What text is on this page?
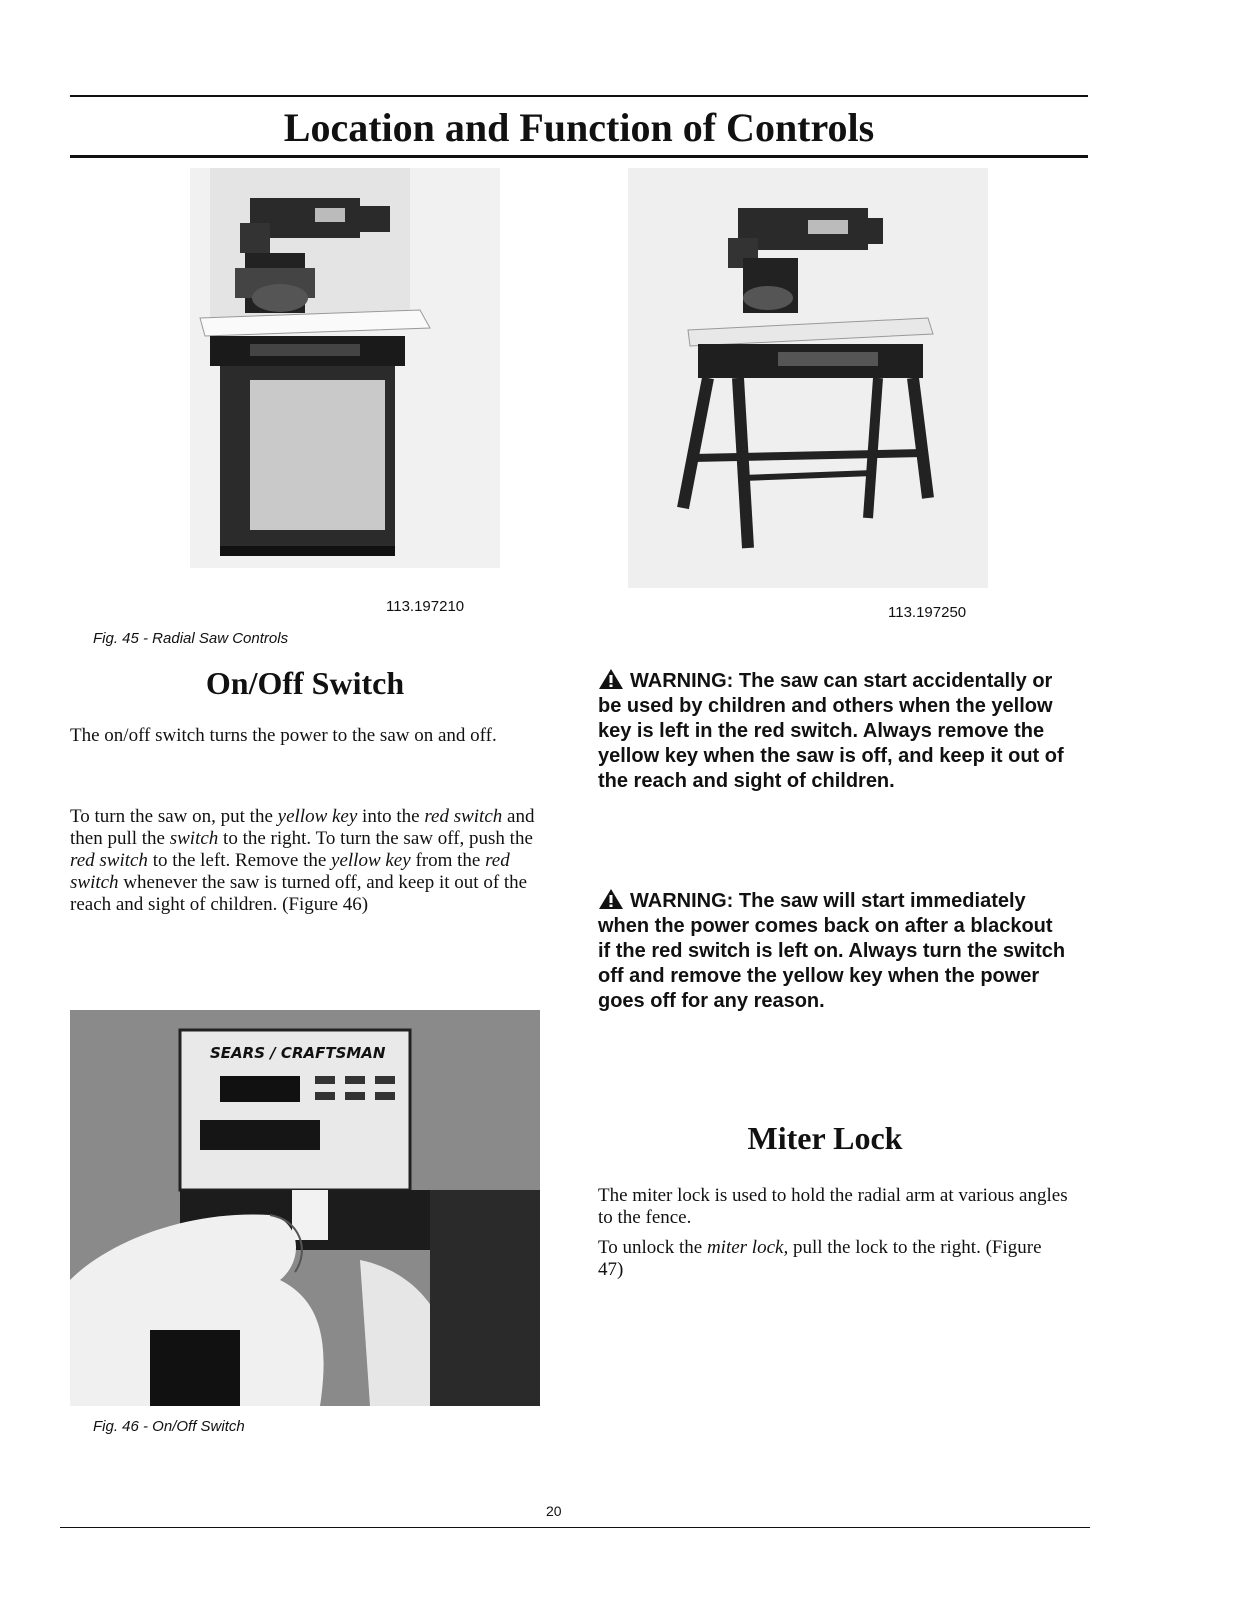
Location and Function of Controls
113.197210	113.197250
Fig. 45 - Radial Saw Controls
On/Off Switch

The on/off switch turns the power to the saw on and off.

To turn the saw on, put the yellow key into the red switch and then pull the switch to the right. To turn the saw off, push the red switch to the left. Remove the yellow key from the red switch whenever the saw is turned off, and keep it out of the reach and sight of children. (Figure 46)

SEARS / CRAFTSMAN
Fig. 46 - On/Off Switch

WARNING: The saw can start accidentally or be used by children and others when the yellow key is left in the red switch. Always remove the yellow key when the saw is off, and keep it out of the reach and sight of children.

WARNING: The saw will start immediately when the power comes back on after a blackout if the red switch is left on. Always turn the switch off and remove the yellow key when the power goes off for any reason.

Miter Lock

The miter lock is used to hold the radial arm at various angles to the fence.

To unlock the miter lock, pull the lock to the right. (Figure 47)

20
